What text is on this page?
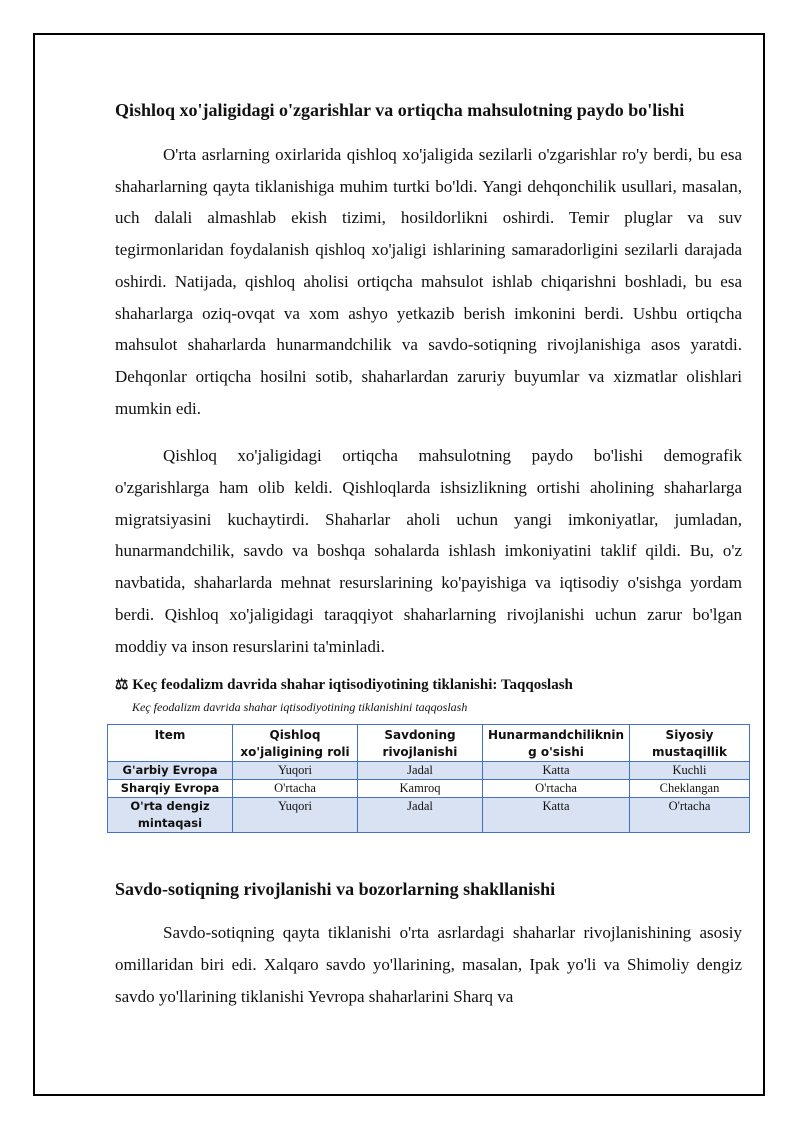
Qishloq xo'jaligidagi o'zgarishlar va ortiqcha mahsulotning paydo bo'lishi

O'rta asrlarning oxirlarida qishloq xo'jaligida sezilarli o'zgarishlar ro'y berdi, bu esa shaharlarning qayta tiklanishiga muhim turtki bo'ldi. Yangi dehqonchilik usullari, masalan, uch dalali almashlab ekish tizimi, hosildorlikni oshirdi. Temir pluglar va suv tegirmonlaridan foydalanish qishloq xo'jaligi ishlarining samaradorligini sezilarli darajada oshirdi. Natijada, qishloq aholisi ortiqcha mahsulot ishlab chiqarishni boshladi, bu esa shaharlarga oziq-ovqat va xom ashyo yetkazib berish imkonini berdi. Ushbu ortiqcha mahsulot shaharlarda hunarmandchilik va savdo-sotiqning rivojlanishiga asos yaratdi. Dehqonlar ortiqcha hosilni sotib, shaharlardan zaruriy buyumlar va xizmatlar olishlari mumkin edi.

Qishloq xo'jaligidagi ortiqcha mahsulotning paydo bo'lishi demografik o'zgarishlarga ham olib keldi. Qishloqlarda ishsizlikning ortishi aholining shaharlarga migratsiyasini kuchaytirdi. Shaharlar aholi uchun yangi imkoniyatlar, jumladan, hunarmandchilik, savdo va boshqa sohalarda ishlash imkoniyatini taklif qildi. Bu, o'z navbatida, shaharlarda mehnat resurslarining ko'payishiga va iqtisodiy o'sishga yordam berdi. Qishloq xo'jaligidagi taraqqiyot shaharlarning rivojlanishi uchun zarur bo'lgan moddiy va inson resurslarini ta'minladi.

⚖ Keç feodalizm davrida shahar iqtisodiyotining tiklanishi: Taqqoslash
Keç feodalizm davrida shahar iqtisodiyotining tiklanishini taqqoslash
Item	Qishloq xo'jaligining roli	Savdoning rivojlanishi	Hunarmandchiliknin g o'sishi	Siyosiy mustaqillik
G'arbiy Evropa	Yuqori	Jadal	Katta	Kuchli
Sharqiy Evropa	O'rtacha	Kamroq	O'rtacha	Cheklangan
O'rta dengiz mintaqasi	Yuqori	Jadal	Katta	O'rtacha
Savdo-sotiqning rivojlanishi va bozorlarning shakllanishi

Savdo-sotiqning qayta tiklanishi o'rta asrlardagi shaharlar rivojlanishining asosiy omillaridan biri edi. Xalqaro savdo yo'llarining, masalan, Ipak yo'li va Shimoliy dengiz savdo yo'llarining tiklanishi Yevropa shaharlarini Sharq va
